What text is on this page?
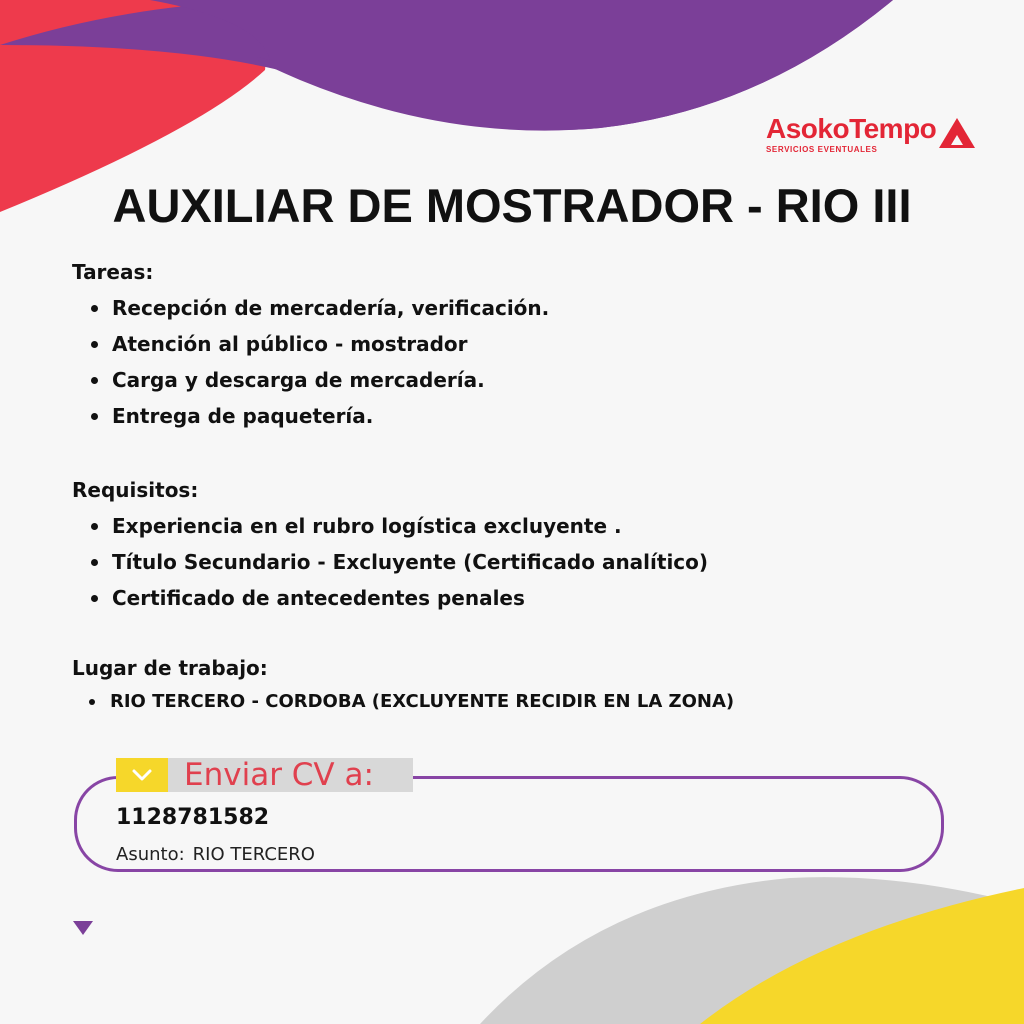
AsokoTempo
SERVICIOS EVENTUALES
AUXILIAR DE MOSTRADOR - RIO III
Tareas:
Recepción de mercadería, verificación.
Atención al público - mostrador
Carga y descarga de mercadería.
Entrega de paquetería.
Requisitos:
Experiencia en el rubro logística excluyente .
Título Secundario - Excluyente (Certificado analítico)
Certificado de antecedentes penales
Lugar de trabajo:
RIO TERCERO - CORDOBA (EXCLUYENTE RECIDIR EN LA ZONA)
Enviar CV a:
1128781582
Asunto: RIO TERCERO
